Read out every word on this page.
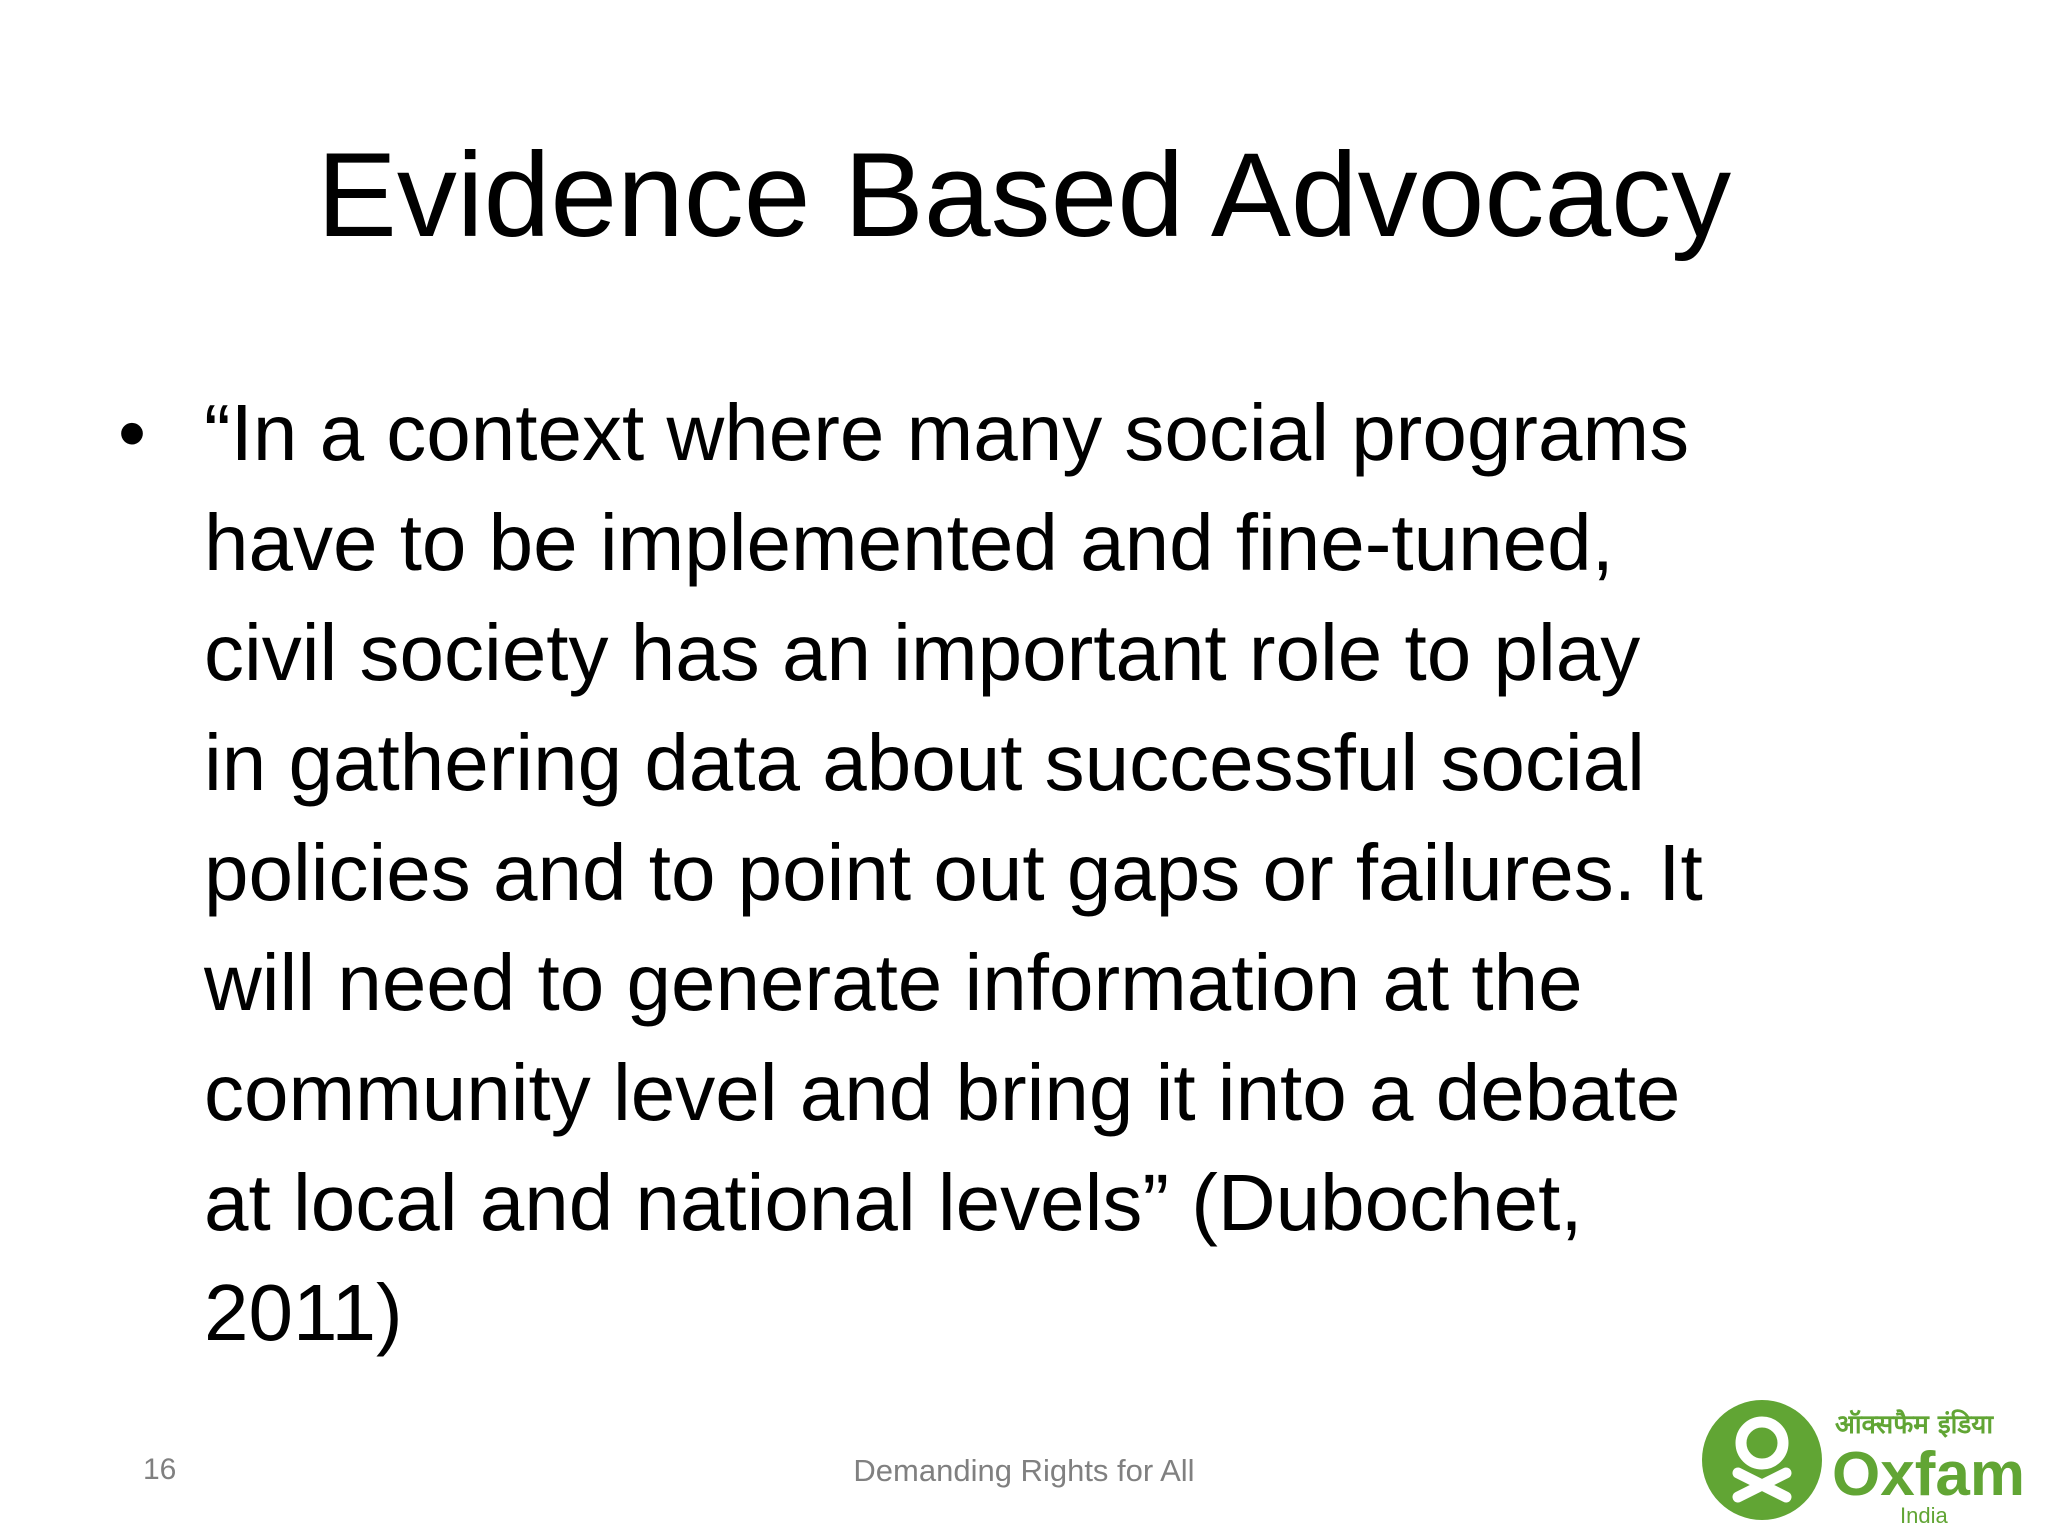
Evidence Based Advocacy
• “In a context where many social programs
have to be implemented and fine-tuned,
civil society has an important role to play
in gathering data about successful social
policies and to point out gaps or failures. It
will need to generate information at the
community level and bring it into a debate
at local and national levels” (Dubochet,
2011)
16	Demanding Rights for All
ऑक्सफैम इंडिया
Oxfam
India
